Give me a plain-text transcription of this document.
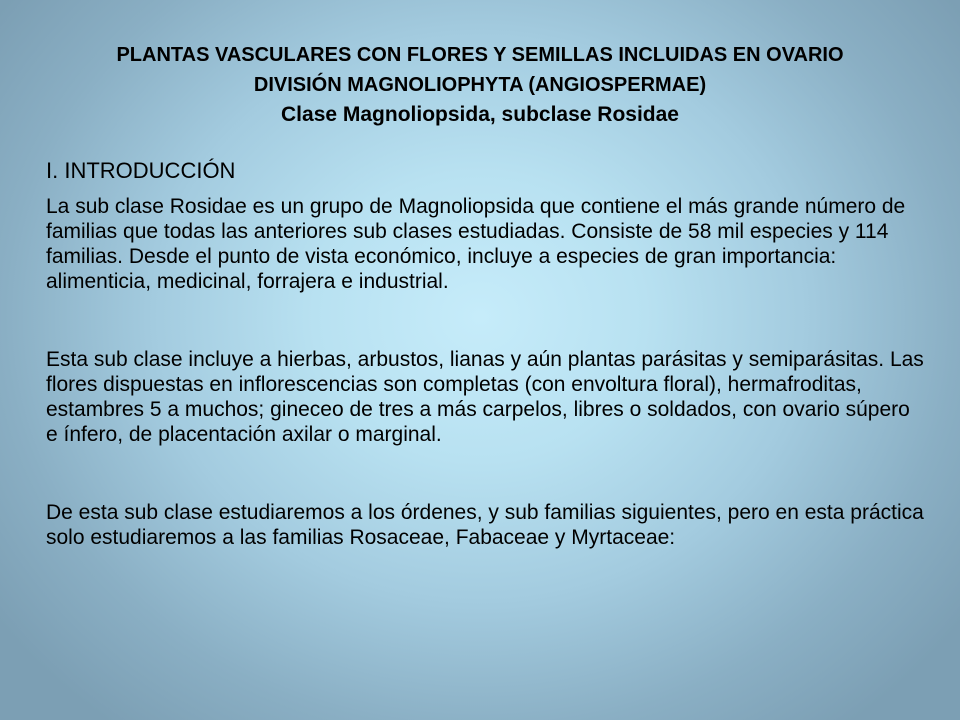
PLANTAS VASCULARES CON FLORES Y SEMILLAS INCLUIDAS EN OVARIO
DIVISIÓN MAGNOLIOPHYTA (ANGIOSPERMAE)
Clase Magnoliopsida, subclase Rosidae
I. INTRODUCCIÓN

La sub clase Rosidae es un grupo de Magnoliopsida que contiene el más grande número de familias que todas las anteriores sub clases estudiadas. Consiste de 58 mil especies y 114 familias. Desde el punto de vista económico, incluye a especies de gran importancia: alimenticia, medicinal, forrajera e industrial.

Esta sub clase incluye a hierbas, arbustos, lianas y aún plantas parásitas y semiparásitas. Las flores dispuestas en inflorescencias son completas (con envoltura floral), hermafroditas, estambres 5 a muchos; gineceo de tres a más carpelos, libres o soldados, con ovario súpero e ínfero, de placentación axilar o marginal.

De esta sub clase estudiaremos a los órdenes, y sub familias siguientes, pero en esta práctica solo estudiaremos a las familias Rosaceae, Fabaceae y Myrtaceae:
